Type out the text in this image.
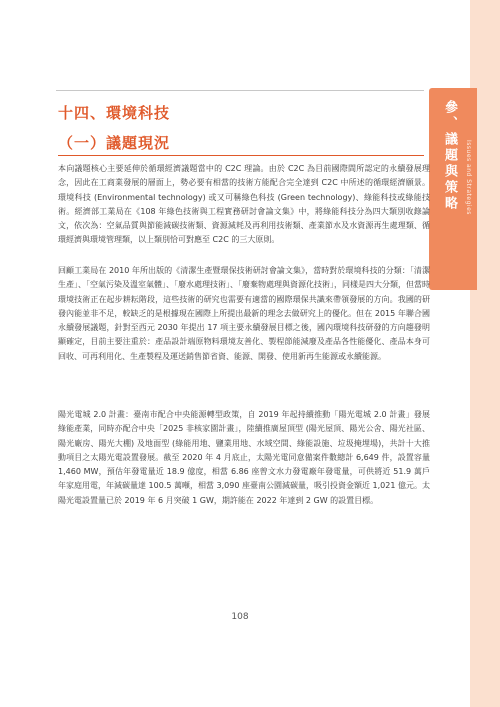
參、議題與策略	Issues and Strategies
十四、環境科技
（一）議題現況

本向議題核心主要延伸於循環經濟議題當中的 C2C 理論。由於 C2C 為目前國際間所認定的永續發展理念，因此在工商業發展的層面上，勢必要有相當的技術方能配合完全達到 C2C 中所述的循環經濟願景。環境科技 (Environmental technology) 或又可稱綠色科技 (Green technology)、綠能科技或綠能技術。經濟部工業局在《108 年綠色技術與工程實務研討會論文集》中，將綠能科技分為四大類別收錄論文，依次為：空氣品質與節能減碳技術類、資源減耗及再利用技術類、產業節水及水資源再生處理類、循環經濟與環境管理類，以上類別恰可對應至 C2C 的三大原則。

回顧工業局在 2010 年所出版的《清潔生產暨環保技術研討會論文集》，當時對於環境科技的分類：「清潔生產」、「空氣污染及溫室氣體」、「廢水處理技術」、「廢棄物處理與資源化技術」，同樣是四大分類，但當時環境技術正在起步耕耘階段，這些技術的研究也需要有適當的國際環保共識來帶領發展的方向。我國的研發內能並非不足，較缺乏的是根據現在國際上所提出最新的理念去做研究上的優化。但在 2015 年聯合國永續發展議題，針對至西元 2030 年提出 17 項主要永續發展目標之後，國內環境科技研發的方向趨發明顯確定，目前主要注重於：產品設計端原物料環境友善化、製程節能減廢及產品各性能優化、產品本身可回收、可再利用化、生產製程及運送銷售節省資、能源、開發、使用新再生能源或永續能源。

陽光電城 2.0 計畫：臺南市配合中央能源轉型政策，自 2019 年起持續推動「陽光電城 2.0 計畫」發展綠能產業，同時亦配合中央「2025 非核家園計畫」，陸續推廣屋頂型 (陽光屋頂、陽光公舍、陽光社區、陽光廠房、陽光大棚) 及地面型 (綠能用地、鹽業用地、水域空間、綠能設施、垃圾掩埋場)，共計十大推動項目之太陽光電設置發展。截至 2020 年 4 月底止，太陽光電同意備案件數總計 6,649 件，設置容量 1,460 MW，預估年發電量近 18.9 億度，相當 6.86 座曾文水力發電廠年發電量，可供將近 51.9 萬戶年家庭用電，年減碳量達 100.5 萬噸，相當 3,090 座臺南公園減碳量，吸引投資金額近 1,021 億元。太陽光電設置量已於 2019 年 6 月突破 1 GW，期許能在 2022 年達到 2 GW 的設置目標。

108
